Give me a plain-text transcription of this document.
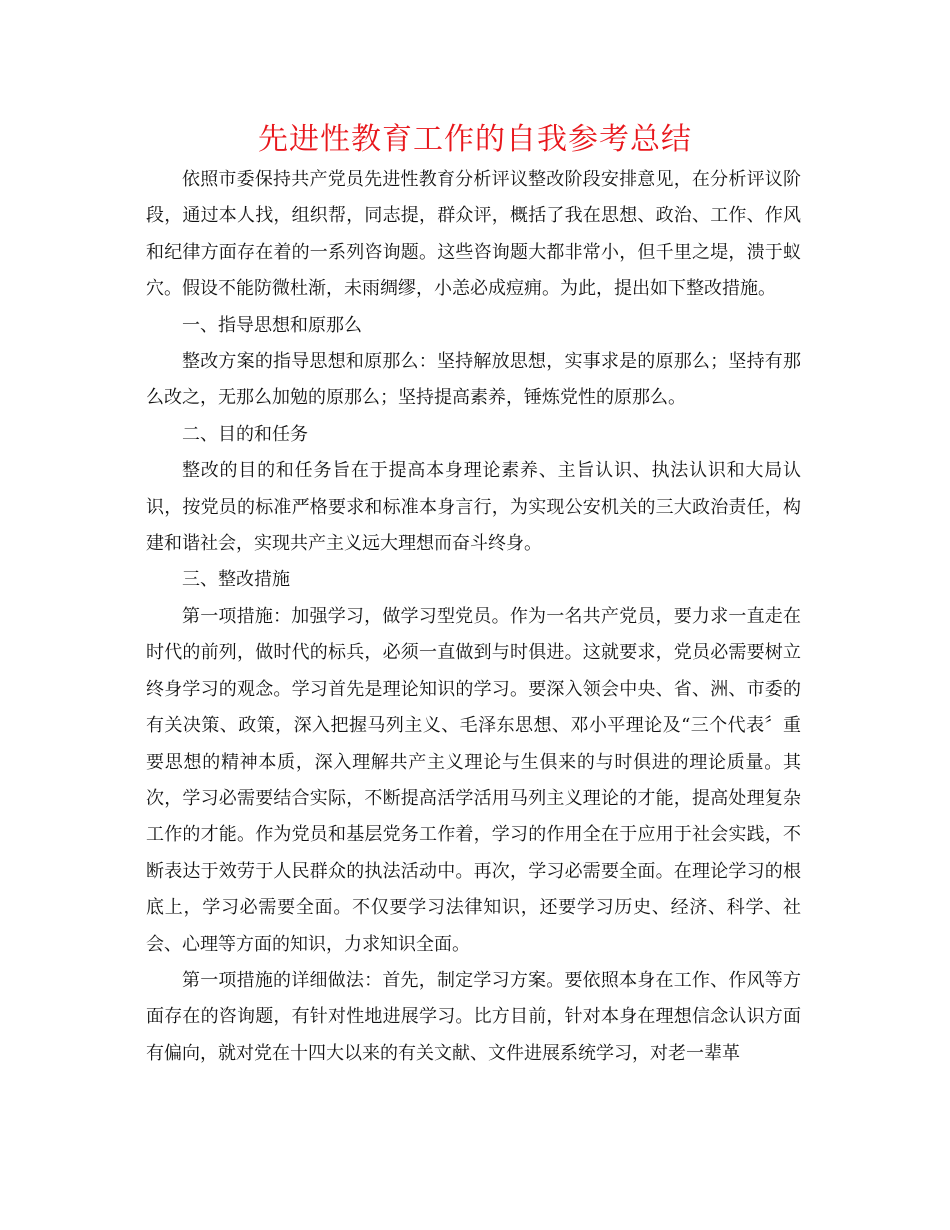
先进性教育工作的自我参考总结

依照市委保持共产党员先进性教育分析评议整改阶段安排意见，在分析评议阶段，通过本人找，组织帮，同志提，群众评，概括了我在思想、政治、工作、作风和纪律方面存在着的一系列咨询题。这些咨询题大都非常小，但千里之堤，溃于蚁穴。假设不能防微杜渐，未雨绸缪，小恙必成痘痈。为此，提出如下整改措施。

一、指导思想和原那么

整改方案的指导思想和原那么：坚持解放思想，实事求是的原那么；坚持有那么改之，无那么加勉的原那么；坚持提高素养，锤炼党性的原那么。

二、目的和任务

整改的目的和任务旨在于提高本身理论素养、主旨认识、执法认识和大局认识，按党员的标准严格要求和标准本身言行，为实现公安机关的三大政治责任，构建和谐社会，实现共产主义远大理想而奋斗终身。

三、整改措施

第一项措施：加强学习，做学习型党员。作为一名共产党员，要力求一直走在时代的前列，做时代的标兵，必须一直做到与时俱进。这就要求，党员必需要树立终身学习的观念。学习首先是理论知识的学习。要深入领会中央、省、洲、市委的有关决策、政策，深入把握马列主义、毛泽东思想、邓小平理论及“三个代表〞重要思想的精神本质，深入理解共产主义理论与生俱来的与时俱进的理论质量。其次，学习必需要结合实际，不断提高活学活用马列主义理论的才能，提高处理复杂工作的才能。作为党员和基层党务工作着，学习的作用全在于应用于社会实践，不断表达于效劳于人民群众的执法活动中。再次，学习必需要全面。在理论学习的根底上，学习必需要全面。不仅要学习法律知识，还要学习历史、经济、科学、社会、心理等方面的知识，力求知识全面。

第一项措施的详细做法：首先，制定学习方案。要依照本身在工作、作风等方面存在的咨询题，有针对性地进展学习。比方目前，针对本身在理想信念认识方面有偏向，就对党在十四大以来的有关文献、文件进展系统学习，对老一辈革
